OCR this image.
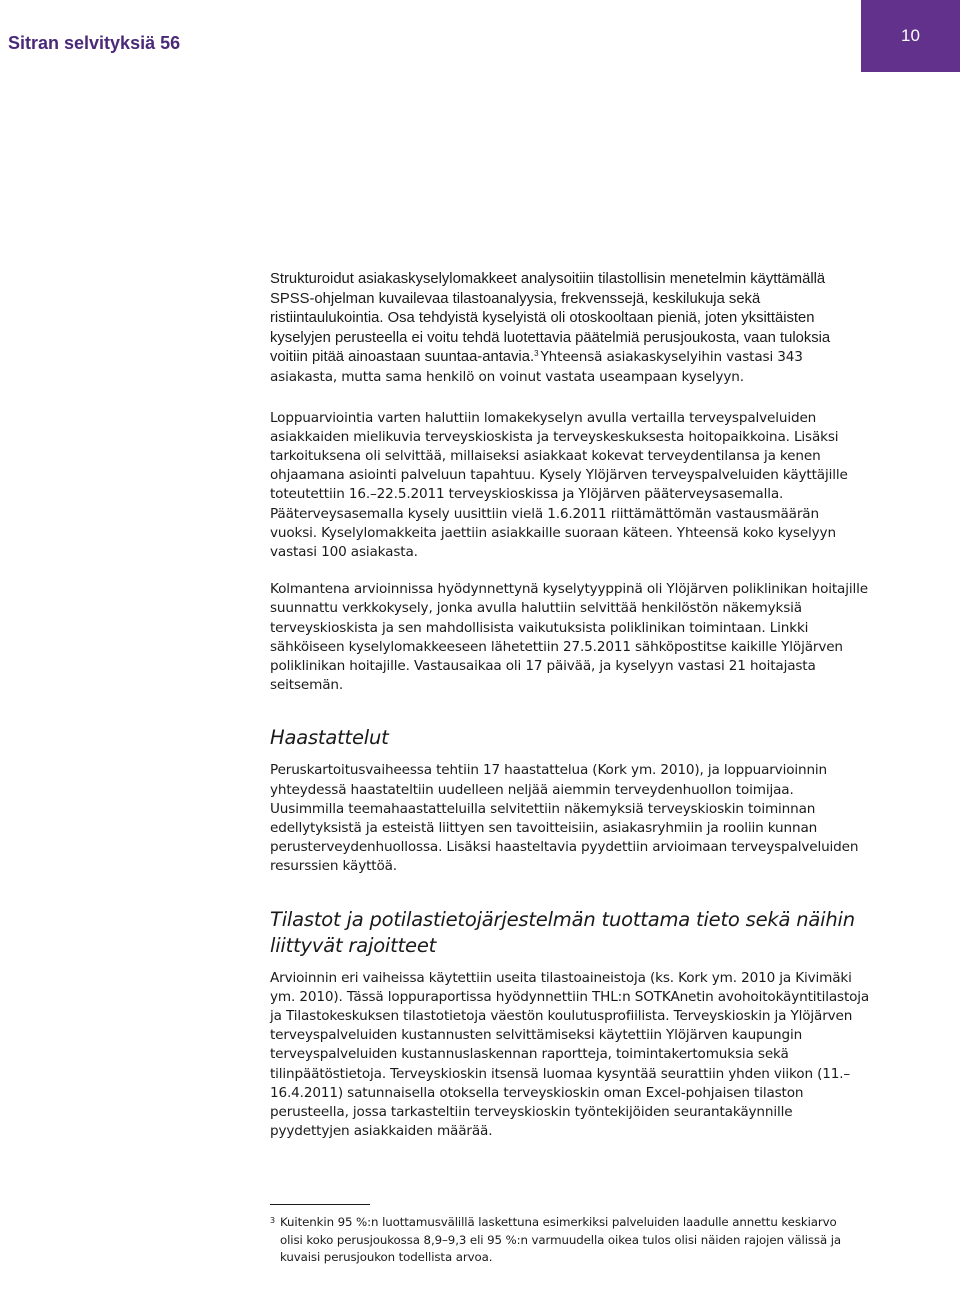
Sitran selvityksiä 56	10

Strukturoidut asiakaskyselylomakkeet analysoitiin tilastollisin menetelmin käyttämällä SPSS-ohjelman kuvailevaa tilastoanalyysia, frekvenssejä, keskilukuja sekä ristiintaulukointia. Osa tehdyistä kyselyistä oli otoskooltaan pieniä, joten yksittäisten kyselyjen perusteella ei voitu tehdä luotettavia päätelmiä perusjoukosta, vaan tuloksia voitiin pitää ainoastaan suuntaa-antavia.$^3$ Yhteensä asiakaskyselyihin vastasi 343 asiakasta, mutta sama henkilö on voinut vastata useampaan kyselyyn.

Loppuarviointia varten haluttiin lomakekyselyn avulla vertailla terveyspalveluiden asiakkaiden mielikuvia terveyskioskista ja terveyskeskuksesta hoitopaikkoina. Lisäksi tarkoituksena oli selvittää, millaiseksi asiakkaat kokevat terveydentilansa ja kenen ohjaamana asiointi palveluun tapahtuu. Kysely Ylöjärven terveyspalveluiden käyttäjille toteutettiin 16.–22.5.2011 terveyskioskissa ja Ylöjärven pääterveysasemalla. Pääterveysasemalla kysely uusittiin vielä 1.6.2011 riittämättömän vastausmäärän vuoksi. Kyselylomakkeita jaettiin asiakkaille suoraan käteen. Yhteensä koko kyselyyn vastasi 100 asiakasta.

Kolmantena arvioinnissa hyödynnettynä kyselytyyppinä oli Ylöjärven poliklinikan hoitajille suunnattu verkkokysely, jonka avulla haluttiin selvittää henkilöstön näkemyksiä terveyskioskista ja sen mahdollisista vaikutuksista poliklinikan toimintaan. Linkki sähköiseen kyselylomakkeeseen lähetettiin 27.5.2011 sähköpostitse kaikille Ylöjärven poliklinikan hoitajille. Vastausaikaa oli 17 päivää, ja kyselyyn vastasi 21 hoitajasta seitsemän.

Haastattelut

Peruskartoitusvaiheessa tehtiin 17 haastattelua (Kork ym. 2010), ja loppuarvioinnin yhteydessä haastateltiin uudelleen neljää aiemmin terveydenhuollon toimijaa. Uusimmilla teemahaastatteluilla selvitettiin näkemyksiä terveyskioskin toiminnan edellytyksistä ja esteistä liittyen sen tavoitteisiin, asiakasryhmiin ja rooliin kunnan perusterveydenhuollossa. Lisäksi haasteltavia pyydettiin arvioimaan terveyspalveluiden resurssien käyttöä.

Tilastot ja potilastietojärjestelmän tuottama tieto sekä näihin liittyvät rajoitteet

Arvioinnin eri vaiheissa käytettiin useita tilastoaineistoja (ks. Kork ym. 2010 ja Kivimäki ym. 2010). Tässä loppuraportissa hyödynnettiin THL:n SOTKAnetin avohoitokäyntitilastoja ja Tilastokeskuksen tilastotietoja väestön koulutusprofiilista. Terveyskioskin ja Ylöjärven terveyspalveluiden kustannusten selvittämiseksi käytettiin Ylöjärven kaupungin terveyspalveluiden kustannuslaskennan raportteja, toimintakertomuksia sekä tilinpäätöstietoja. Terveyskioskin itsensä luomaa kysyntää seurattiin yhden viikon (11.–16.4.2011) satunnaisella otoksella terveyskioskin oman Excel-pohjaisen tilaston perusteella, jossa tarkasteltiin terveyskioskin työntekijöiden seurantakäynnille pyydettyjen asiakkaiden määrää.

3 Kuitenkin 95 %:n luottamusvälillä laskettuna esimerkiksi palveluiden laadulle annettu keskiarvo olisi koko perusjoukossa 8,9–9,3 eli 95 %:n varmuudella oikea tulos olisi näiden rajojen välissä ja kuvaisi perusjoukon todellista arvoa.
